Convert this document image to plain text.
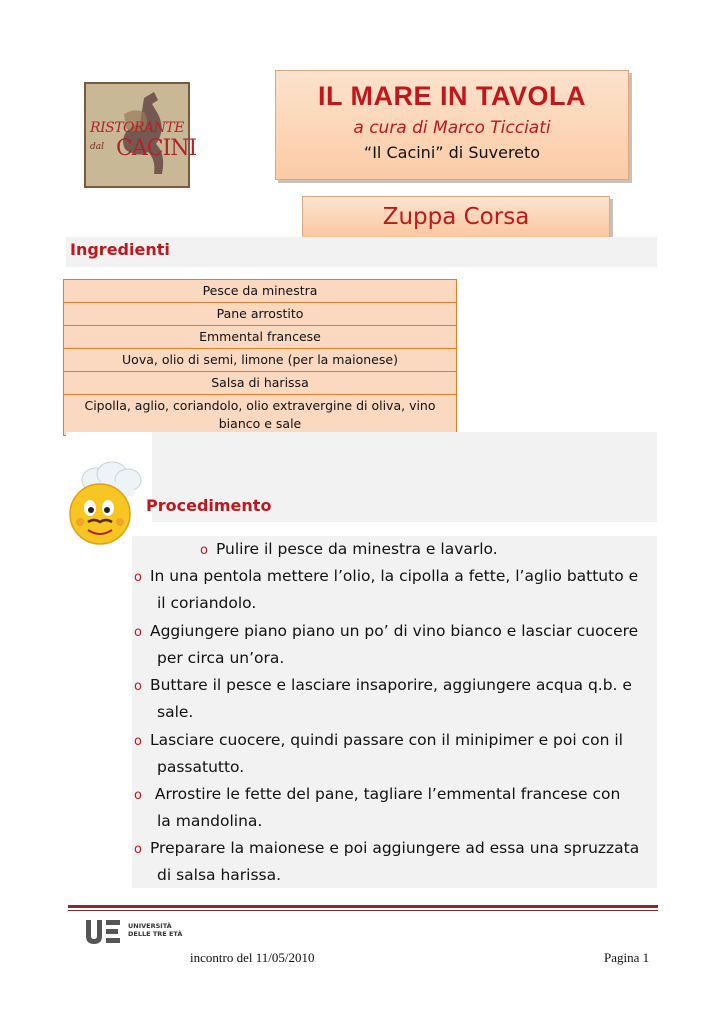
RISTORANTE
dal CACINI
IL MARE IN TAVOLA
a cura di Marco Ticciati
“Il Cacini” di Suvereto
Zuppa Corsa
Ingredienti
Pesce da minestra
Pane arrostito
Emmental francese
Uova, olio di semi, limone (per la maionese)
Salsa di harissa
Cipolla, aglio, coriandolo, olio extravergine di oliva, vino bianco e sale
Procedimento
o Pulire il pesce da minestra e lavarlo.
o In una pentola mettere l’olio, la cipolla a fette, l’aglio battuto e
il coriandolo.
o Aggiungere piano piano un po’ di vino bianco e lasciar cuocere
per circa un’ora.
o Buttare il pesce e lasciare insaporire, aggiungere acqua q.b. e
sale.
o Lasciare cuocere, quindi passare con il minipimer e poi con il
passatutto.
o Arrostire le fette del pane, tagliare l’emmental francese con
la mandolina.
o Preparare la maionese e poi aggiungere ad essa una spruzzata
di salsa harissa.
UNIVERSITÀ
DELLE TRE ETÀ
incontro del 11/05/2010	Pagina 1
